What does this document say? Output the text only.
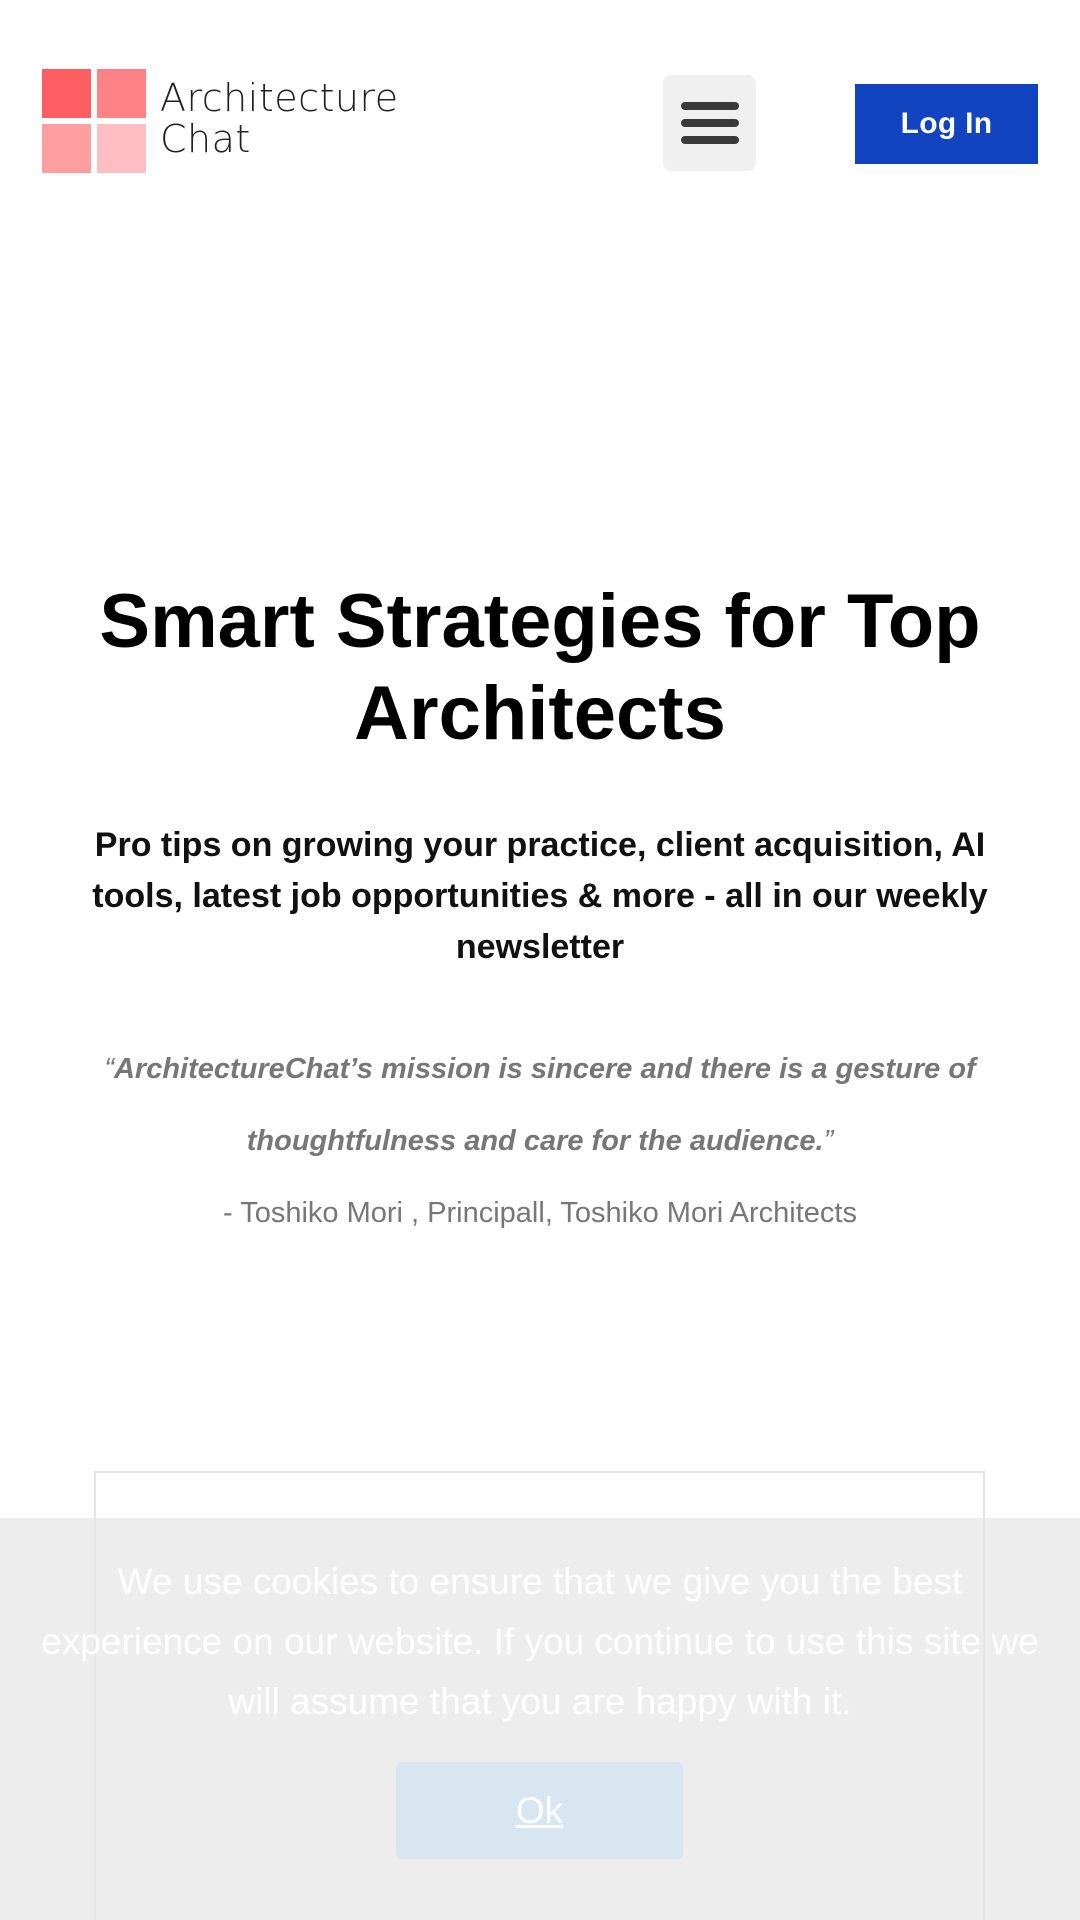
Architecture
Chat	Log In
Smart Strategies for Top Architects

Pro tips on growing your practice, client acquisition, AI tools, latest job opportunities & more - all in our weekly newsletter

“ArchitectureChat’s mission is sincere and there is a gesture of thoughtfulness and care for the audience.”

- Toshiko Mori , Principall, Toshiko Mori Architects

We use cookies to ensure that we give you the best experience on our website. If you continue to use this site we will assume that you are happy with it.

Ok
